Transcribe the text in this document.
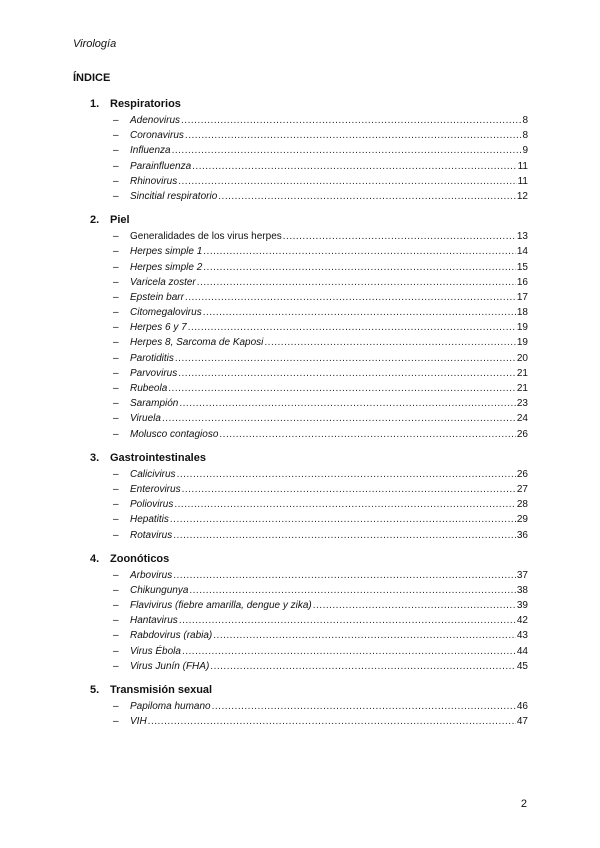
Virología
ÍNDICE
1. Respiratorios
–	Adenovirus .....	8
–	Coronavirus .....	8
–	Influenza .....	9
–	Parainfluenza .....	11
–	Rhinovirus .....	11
–	Sincitial respiratorio .....	12
2. Piel
–	Generalidades de los virus herpes .....	13
–	Herpes simple 1 .....	14
–	Herpes simple 2 .....	15
–	Varicela zoster .....	16
–	Epstein barr .....	17
–	Citomegalovirus .....	18
–	Herpes 6 y 7 .....	19
–	Herpes 8, Sarcoma de Kaposi .....	19
–	Parotiditis .....	20
–	Parvovirus .....	21
–	Rubeola .....	21
–	Sarampión .....	23
–	Viruela .....	24
–	Molusco contagioso .....	26
3. Gastrointestinales
–	Calicivirus .....	26
–	Enterovirus .....	27
–	Poliovirus .....	28
–	Hepatitis .....	29
–	Rotavirus .....	36
4. Zoonóticos
–	Arbovirus .....	37
–	Chikungunya .....	38
–	Flavivirus (fiebre amarilla, dengue y zika) .....	39
–	Hantavirus .....	42
–	Rabdovirus (rabia) .....	43
–	Virus Ébola .....	44
–	Virus Junín (FHA) .....	45
5. Transmisión sexual
–	Papiloma humano .....	46
–	VIH .....	47
2
